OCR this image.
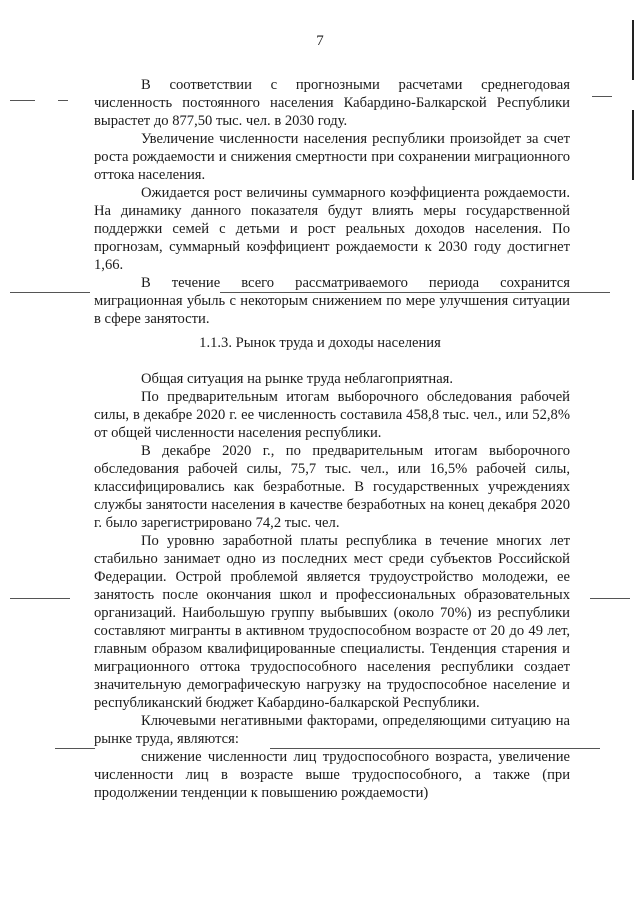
7

В соответствии с прогнозными расчетами среднегодовая численность постоянного населения Кабардино-Балкарской Республики вырастет до 877,50 тыс. чел. в 2030 году.

Увеличение численности населения республики произойдет за счет роста рождаемости и снижения смертности при сохранении миграционного оттока населения.

Ожидается рост величины суммарного коэффициента рождаемости. На динамику данного показателя будут влиять меры государственной поддержки семей с детьми и рост реальных доходов населения. По прогнозам, суммарный коэффициент рождаемости к 2030 году достигнет 1,66.

В течение всего рассматриваемого периода сохранится миграционная убыль с некоторым снижением по мере улучшения ситуации в сфере занятости.

1.1.3. Рынок труда и доходы населения

Общая ситуация на рынке труда неблагоприятная.

По предварительным итогам выборочного обследования рабочей силы, в декабре 2020 г. ее численность составила 458,8 тыс. чел., или 52,8% от общей численности населения республики.

В декабре 2020 г., по предварительным итогам выборочного обследования рабочей силы, 75,7 тыс. чел., или 16,5% рабочей силы, классифицировались как безработные. В государственных учреждениях службы занятости населения в качестве безработных на конец декабря 2020 г. было зарегистрировано 74,2 тыс. чел.

По уровню заработной платы республика в течение многих лет стабильно занимает одно из последних мест среди субъектов Российской Федерации. Острой проблемой является трудоустройство молодежи, ее занятость после окончания школ и профессиональных образовательных организаций. Наибольшую группу выбывших (около 70%) из республики составляют мигранты в активном трудоспособном возрасте от 20 до 49 лет, главным образом квалифицированные специалисты. Тенденция старения и миграционного оттока трудоспособного населения республики создает значительную демографическую нагрузку на трудоспособное население и республиканский бюджет Кабардино-балкарской Республики.

Ключевыми негативными факторами, определяющими ситуацию на рынке труда, являются:

снижение численности лиц трудоспособного возраста, увеличение численности лиц в возрасте выше трудоспособного, а также (при продолжении тенденции к повышению рождаемости)
